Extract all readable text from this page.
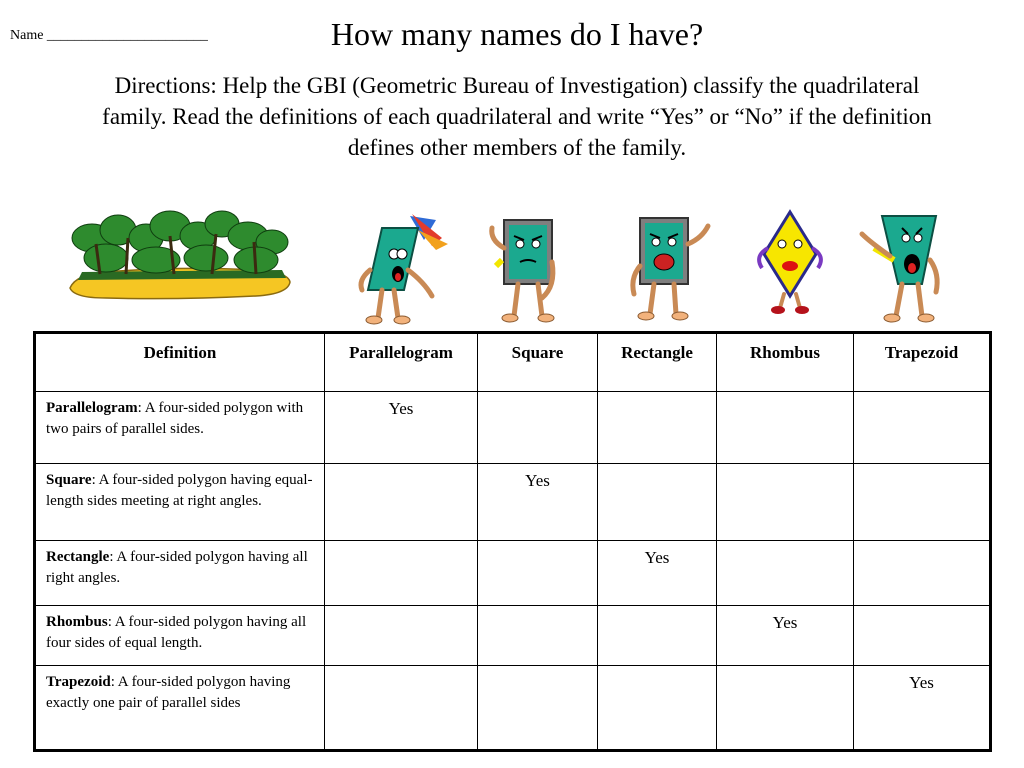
Name _______________________	How many names do I have?
Directions: Help the GBI (Geometric Bureau of Investigation) classify the quadrilateral family. Read the definitions of each quadrilateral and write “Yes” or “No” if the definition defines other members of the family.
Definition	Parallelogram	Square	Rectangle	Rhombus	Trapezoid
Parallelogram: A four-sided polygon with two pairs of parallel sides.	Yes				
Square: A four-sided polygon having equal-length sides meeting at right angles.		Yes			
Rectangle: A four-sided polygon having all right angles.			Yes		
Rhombus: A four-sided polygon having all four sides of equal length.				Yes	
Trapezoid: A four-sided polygon having exactly one pair of parallel sides					Yes
